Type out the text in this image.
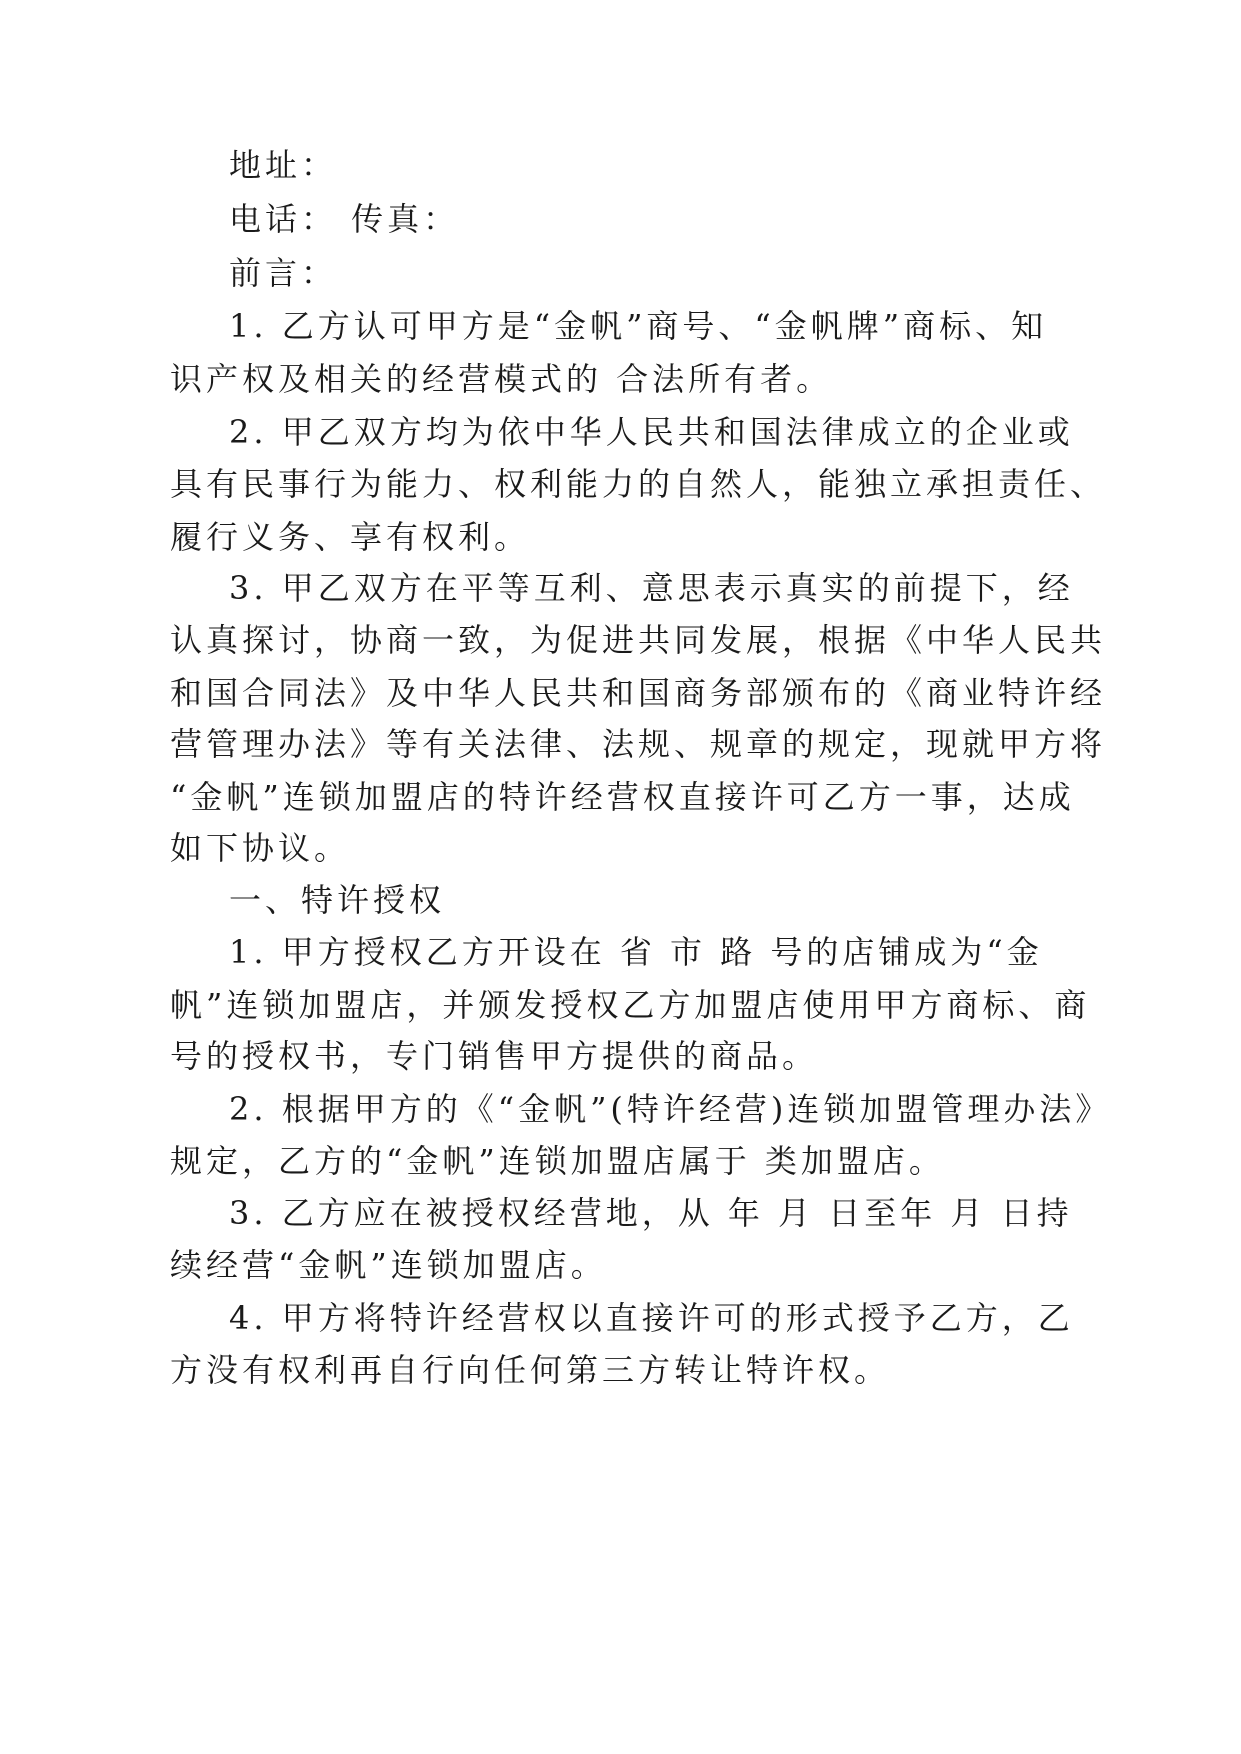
地址：

电话： 传真：

前言：

1. 乙方认可甲方是“金帆”商号、“金帆牌”商标、知

识产权及相关的经营模式的 合法所有者。

2. 甲乙双方均为依中华人民共和国法律成立的企业或

具有民事行为能力、权利能力的自然人，能独立承担责任、

履行义务、享有权利。

3. 甲乙双方在平等互利、意思表示真实的前提下，经

认真探讨，协商一致，为促进共同发展，根据《中华人民共

和国合同法》及中华人民共和国商务部颁布的《商业特许经

营管理办法》等有关法律、法规、规章的规定，现就甲方将

“金帆”连锁加盟店的特许经营权直接许可乙方一事，达成

如下协议。

一、特许授权

1. 甲方授权乙方开设在 省 市 路 号的店铺成为“金

帆”连锁加盟店，并颁发授权乙方加盟店使用甲方商标、商

号的授权书，专门销售甲方提供的商品。

2. 根据甲方的《“金帆”(特许经营)连锁加盟管理办法》

规定，乙方的“金帆”连锁加盟店属于 类加盟店。

3. 乙方应在被授权经营地，从 年 月 日至年 月 日持

续经营“金帆”连锁加盟店。

4. 甲方将特许经营权以直接许可的形式授予乙方，乙

方没有权利再自行向任何第三方转让特许权。
